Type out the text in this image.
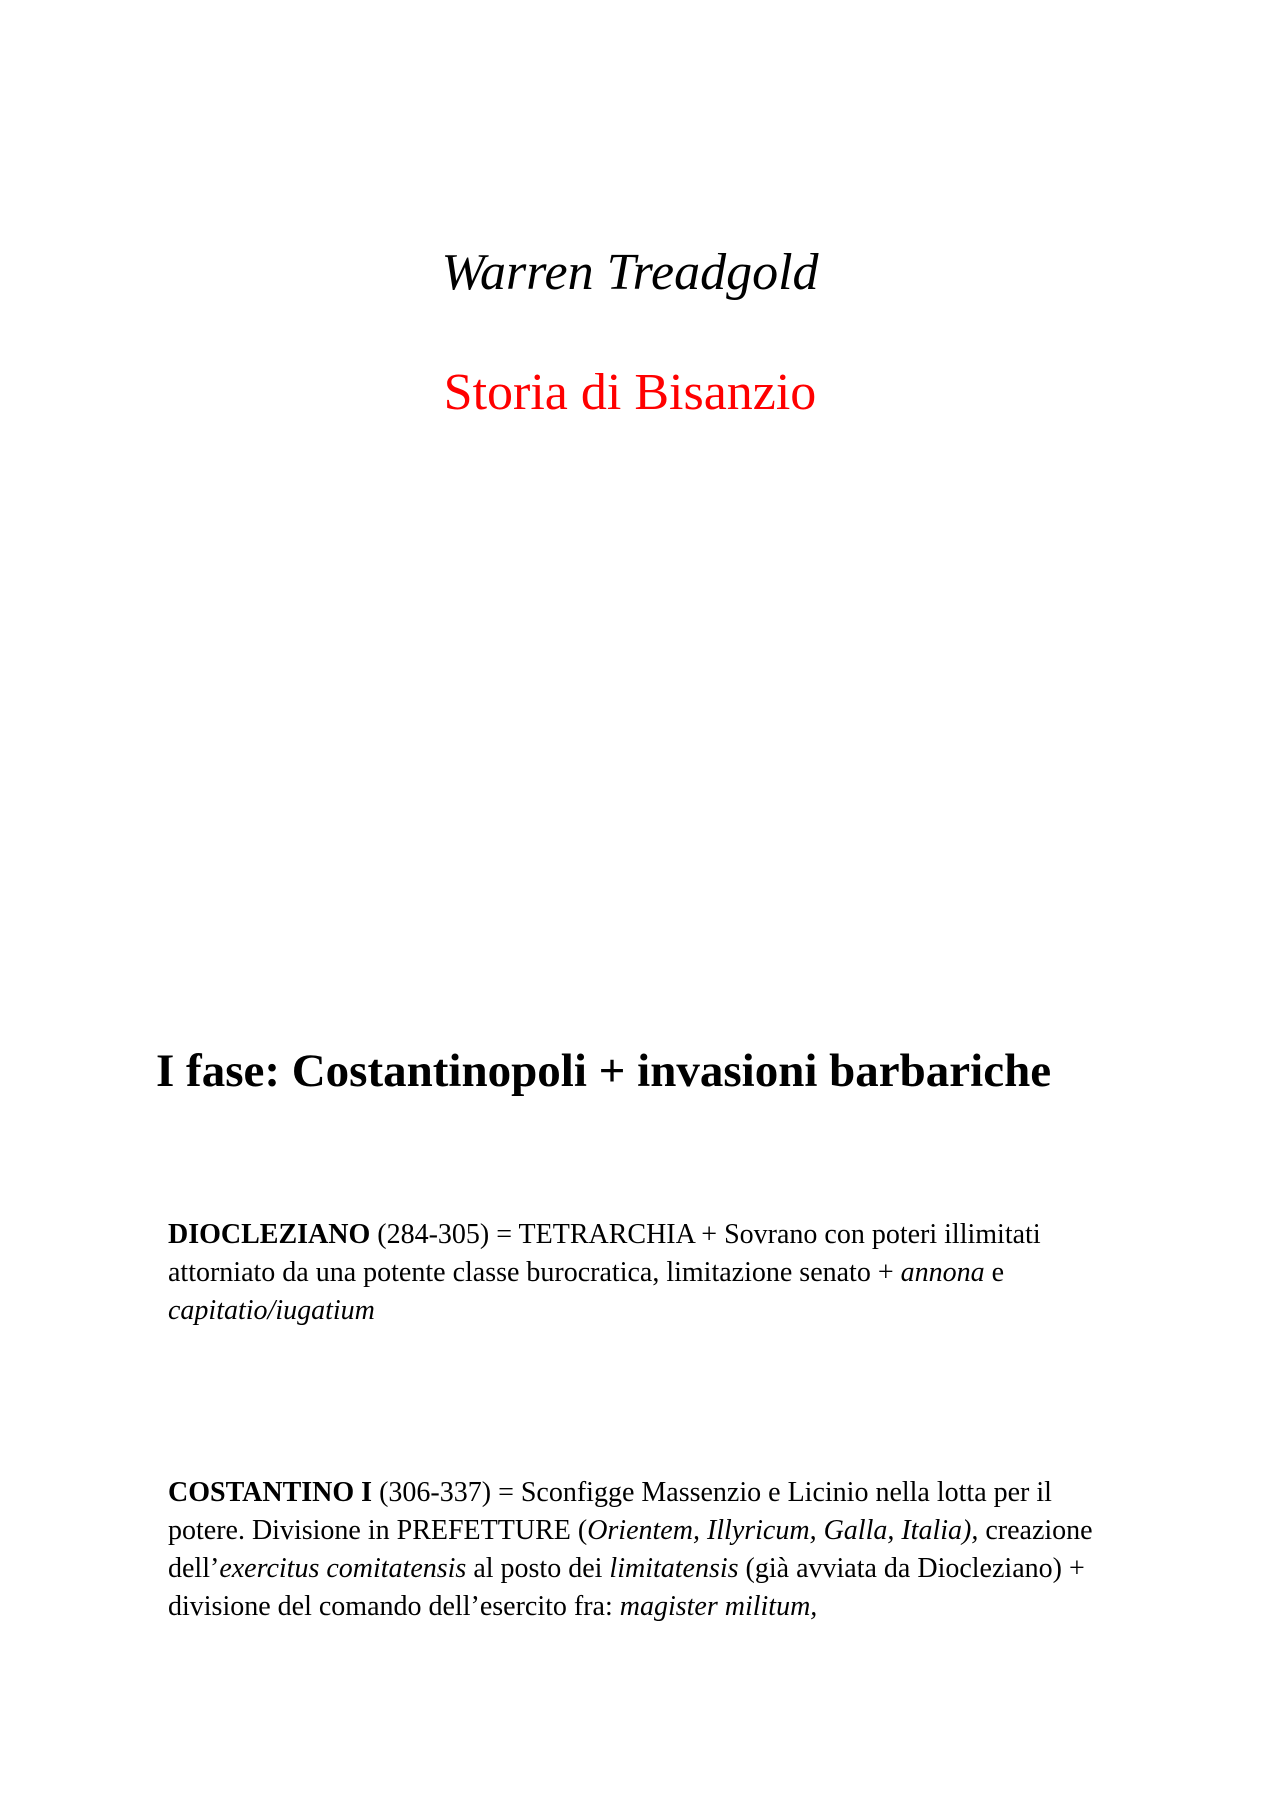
Warren Treadgold
Storia di Bisanzio
I fase: Costantinopoli + invasioni barbariche

DIOCLEZIANO (284-305) = TETRARCHIA + Sovrano con poteri illimitati attorniato da una potente classe burocratica, limitazione senato + annona e capitatio/iugatium

COSTANTINO I (306-337) = Sconfigge Massenzio e Licinio nella lotta per il potere. Divisione in PREFETTURE (Orientem, Illyricum, Galla, Italia), creazione dell’exercitus comitatensis al posto dei limitatensis (già avviata da Diocleziano) + divisione del comando dell’esercito fra: magister militum,
